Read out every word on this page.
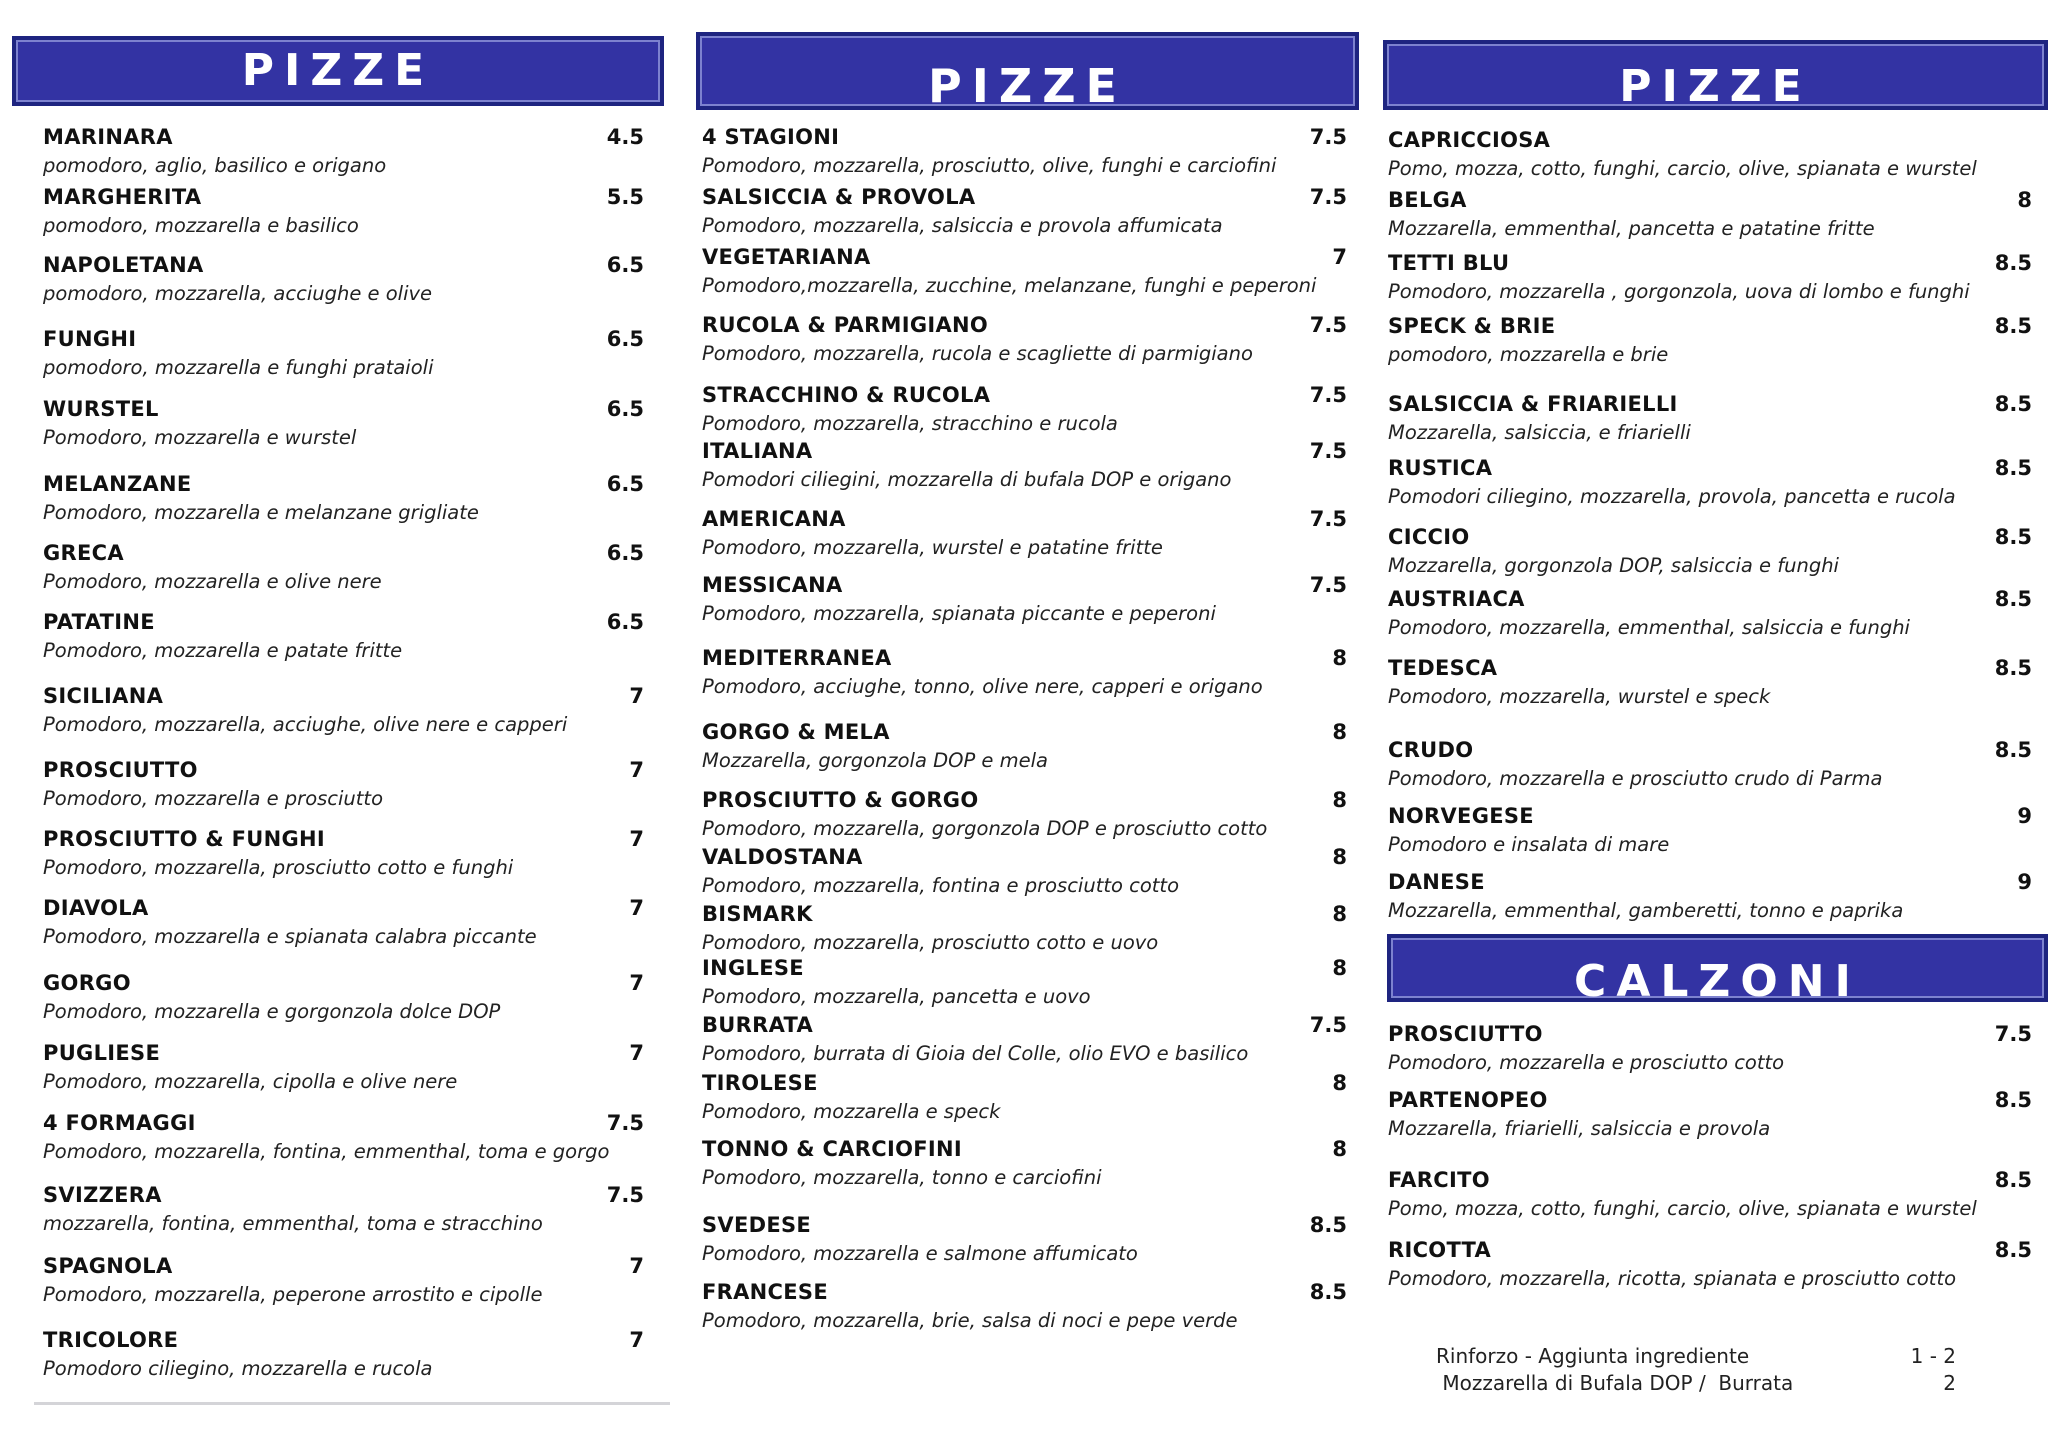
PIZZE
MARINARA
pomodoro, aglio, basilico e origano
4.5
MARGHERITA
pomodoro, mozzarella e basilico
5.5
NAPOLETANA
pomodoro, mozzarella, acciughe e olive
6.5
FUNGHI
pomodoro, mozzarella e funghi prataioli
6.5
WURSTEL
Pomodoro, mozzarella e wurstel
6.5
MELANZANE
Pomodoro, mozzarella e melanzane grigliate
6.5
GRECA
Pomodoro, mozzarella e olive nere
6.5
PATATINE
Pomodoro, mozzarella e patate fritte
6.5
SICILIANA
Pomodoro, mozzarella, acciughe, olive nere e capperi
7
PROSCIUTTO
Pomodoro, mozzarella e prosciutto
7
PROSCIUTTO & FUNGHI
Pomodoro, mozzarella, prosciutto cotto e funghi
7
DIAVOLA
Pomodoro, mozzarella e spianata calabra piccante
7
GORGO
Pomodoro, mozzarella e gorgonzola dolce DOP
7
PUGLIESE
Pomodoro, mozzarella, cipolla e olive nere
7
4 FORMAGGI
Pomodoro, mozzarella, fontina, emmenthal, toma e gorgo
7.5
SVIZZERA
mozzarella, fontina, emmenthal, toma e stracchino
7.5
SPAGNOLA
Pomodoro, mozzarella, peperone arrostito e cipolle
7
TRICOLORE
Pomodoro ciliegino, mozzarella e rucola
7
PIZZE
4 STAGIONI
Pomodoro, mozzarella, prosciutto, olive, funghi e carciofini
7.5
SALSICCIA & PROVOLA
Pomodoro, mozzarella, salsiccia e provola affumicata
7.5
VEGETARIANA
Pomodoro,mozzarella, zucchine, melanzane, funghi e peperoni
7
RUCOLA & PARMIGIANO
Pomodoro, mozzarella, rucola e scagliette di parmigiano
7.5
STRACCHINO & RUCOLA
Pomodoro, mozzarella, stracchino e rucola
7.5
ITALIANA
Pomodori ciliegini, mozzarella di bufala DOP e origano
7.5
AMERICANA
Pomodoro, mozzarella, wurstel e patatine fritte
7.5
MESSICANA
Pomodoro, mozzarella, spianata piccante e peperoni
7.5
MEDITERRANEA
Pomodoro, acciughe, tonno, olive nere, capperi e origano
8
GORGO & MELA
Mozzarella, gorgonzola DOP e mela
8
PROSCIUTTO & GORGO
Pomodoro, mozzarella, gorgonzola DOP e prosciutto cotto
8
VALDOSTANA
Pomodoro, mozzarella, fontina e prosciutto cotto
8
BISMARK
Pomodoro, mozzarella, prosciutto cotto e uovo
8
INGLESE
Pomodoro, mozzarella, pancetta e uovo
8
BURRATA
Pomodoro, burrata di Gioia del Colle, olio EVO e basilico
7.5
TIROLESE
Pomodoro, mozzarella e speck
8
TONNO & CARCIOFINI
Pomodoro, mozzarella, tonno e carciofini
8
SVEDESE
Pomodoro, mozzarella e salmone affumicato
8.5
FRANCESE
Pomodoro, mozzarella, brie, salsa di noci e pepe verde
8.5
PIZZE
CAPRICCIOSA
Pomo, mozza, cotto, funghi, carcio, olive, spianata e wurstel
BELGA
Mozzarella, emmenthal, pancetta e patatine fritte
8
TETTI BLU
Pomodoro, mozzarella , gorgonzola, uova di lombo e funghi
8.5
SPECK & BRIE
pomodoro, mozzarella e brie
8.5
SALSICCIA & FRIARIELLI
Mozzarella, salsiccia, e friarielli
8.5
RUSTICA
Pomodori ciliegino, mozzarella, provola, pancetta e rucola
8.5
CICCIO
Mozzarella, gorgonzola DOP, salsiccia e funghi
8.5
AUSTRIACA
Pomodoro, mozzarella, emmenthal, salsiccia e funghi
8.5
TEDESCA
Pomodoro, mozzarella, wurstel e speck
8.5
CRUDO
Pomodoro, mozzarella e prosciutto crudo di Parma
8.5
NORVEGESE
Pomodoro e insalata di mare
9
DANESE
Mozzarella, emmenthal, gamberetti, tonno e paprika
9
CALZONI
PROSCIUTTO
Pomodoro, mozzarella e prosciutto cotto
7.5
PARTENOPEO
Mozzarella, friarielli, salsiccia e provola
8.5
FARCITO
Pomo, mozza, cotto, funghi, carcio, olive, spianata e wurstel
8.5
RICOTTA
Pomodoro, mozzarella, ricotta, spianata e prosciutto cotto
8.5
Rinforzo - Aggiunta ingrediente	1 - 2
Mozzarella di Bufala DOP /  Burrata	2
